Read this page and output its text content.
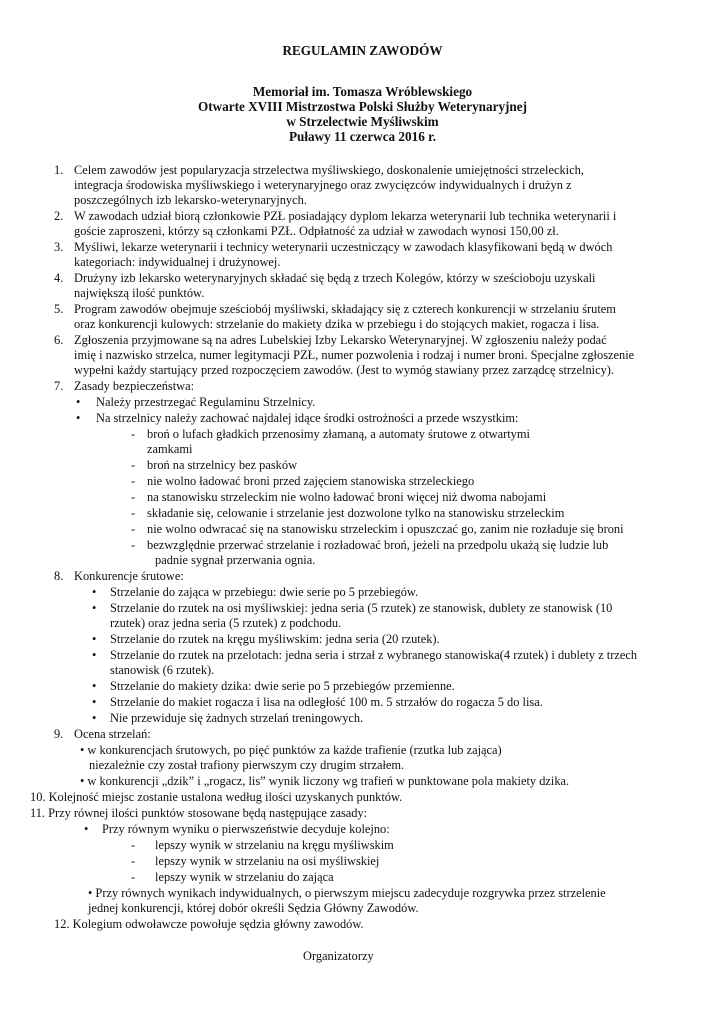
REGULAMIN ZAWODÓW
Memoriał im. Tomasza Wróblewskiego
Otwarte XVIII Mistrzostwa Polski Służby Weterynaryjnej
w Strzelectwie Myśliwskim
Puławy 11 czerwca 2016 r.
1. Celem zawodów jest popularyzacja strzelectwa myśliwskiego, doskonalenie umiejętności strzeleckich,
integracja środowiska myśliwskiego i weterynaryjnego oraz zwycięzców indywidualnych i drużyn z
poszczególnych izb lekarsko-weterynaryjnych.
2. W zawodach udział biorą członkowie PZŁ posiadający dyplom lekarza weterynarii lub technika weterynarii i
goście zaproszeni, którzy są członkami PZŁ. Odpłatność za udział w zawodach wynosi 150,00 zł.
3. Myśliwi, lekarze weterynarii i technicy weterynarii uczestniczący w zawodach klasyfikowani będą w dwóch
kategoriach: indywidualnej i drużynowej.
4. Drużyny izb lekarsko weterynaryjnych składać się będą z trzech Kolegów, którzy w sześcioboju uzyskali
największą ilość punktów.
5. Program zawodów obejmuje sześciobój myśliwski, składający się z czterech konkurencji w strzelaniu śrutem
oraz konkurencji kulowych: strzelanie do makiety dzika w przebiegu i do stojących makiet, rogacza i lisa.
6. Zgłoszenia przyjmowane są na adres Lubelskiej Izby Lekarsko Weterynaryjnej. W zgłoszeniu należy podać
imię i nazwisko strzelca, numer legitymacji PZŁ, numer pozwolenia i rodzaj i numer broni. Specjalne zgłoszenie
wypełni każdy startujący przed rozpoczęciem zawodów. (Jest to wymóg stawiany przez zarządcę strzelnicy).
7. Zasady bezpieczeństwa:
• Należy przestrzegać Regulaminu Strzelnicy.
• Na strzelnicy należy zachować najdalej idące środki ostrożności a przede wszystkim:
- broń o lufach gładkich przenosimy złamaną, a automaty śrutowe z otwartymi
zamkami
- broń na strzelnicy bez pasków
- nie wolno ładować broni przed zajęciem stanowiska strzeleckiego
- na stanowisku strzeleckim nie wolno ładować broni więcej niż dwoma nabojami
- składanie się, celowanie i strzelanie jest dozwolone tylko na stanowisku strzeleckim
- nie wolno odwracać się na stanowisku strzeleckim i opuszczać go, zanim nie rozładuje się broni
- bezwzględnie przerwać strzelanie i rozładować broń, jeżeli na przedpolu ukażą się ludzie lub
padnie sygnał przerwania ognia.
8. Konkurencje śrutowe:
• Strzelanie do zająca w przebiegu: dwie serie po 5 przebiegów.
• Strzelanie do rzutek na osi myśliwskiej: jedna seria (5 rzutek) ze stanowisk, dublety ze stanowisk (10
rzutek) oraz jedna seria (5 rzutek) z podchodu.
• Strzelanie do rzutek na kręgu myśliwskim: jedna seria (20 rzutek).
• Strzelanie do rzutek na przelotach: jedna seria i strzał z wybranego stanowiska(4 rzutek) i dublety z trzech
stanowisk (6 rzutek).
• Strzelanie do makiety dzika: dwie serie po 5 przebiegów przemienne.
• Strzelanie do makiet rogacza i lisa na odległość 100 m. 5 strzałów do rogacza 5 do lisa.
• Nie przewiduje się żadnych strzelań treningowych.
9. Ocena strzelań:
• w konkurencjach śrutowych, po pięć punktów za każde trafienie (rzutka lub zająca)
niezależnie czy został trafiony pierwszym czy drugim strzałem.
• w konkurencji „dzik” i „rogacz, lis” wynik liczony wg trafień w punktowane pola makiety dzika.
10. Kolejność miejsc zostanie ustalona według ilości uzyskanych punktów.
11. Przy równej ilości punktów stosowane będą następujące zasady:
• Przy równym wyniku o pierwszeństwie decyduje kolejno:
- lepszy wynik w strzelaniu na kręgu myśliwskim
- lepszy wynik w strzelaniu na osi myśliwskiej
- lepszy wynik w strzelaniu do zająca
• Przy równych wynikach indywidualnych, o pierwszym miejscu zadecyduje rozgrywka przez strzelenie
jednej konkurencji, której dobór określi Sędzia Główny Zawodów.
12. Kolegium odwoławcze powołuje sędzia główny zawodów.
Organizatorzy
